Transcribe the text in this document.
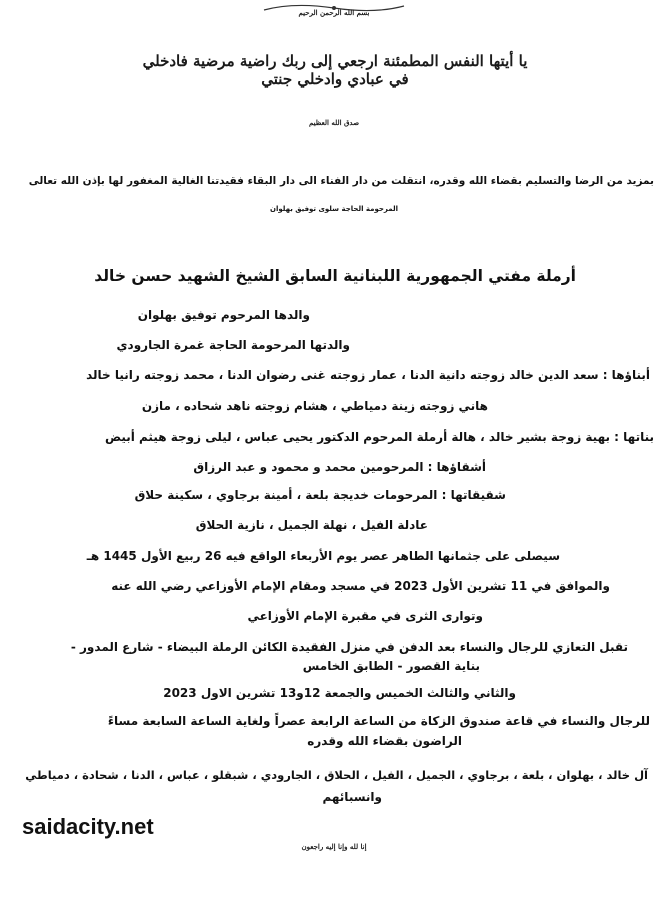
بسم الله الرحمن الرحيم
يا أيتها النفس المطمئنة ارجعي إلى ربك راضية مرضية فادخلي في عبادي وادخلي جنتي
صدق الله العظيم
بمزيد من الرضا والتسليم بقضاء الله وقدره، انتقلت من دار الفناء الى دار البقاء فقيدتنا الغالية المغفور لها بإذن الله تعالى
المرحومة الحاجة سلوى توفيق بهلوان
أرملة مفتي الجمهورية اللبنانية السابق الشيخ الشهيد حسن خالد
والدها المرحوم توفيق بهلوان
والدتها المرحومة الحاجة غمرة الجارودي
أبناؤها : سعد الدين خالد زوجته دانية الدنا ، عمار زوجته غنى رضوان الدنا ، محمد زوجته رانيا خالد
هاني زوجته زينة دمياطي ، هشام زوجته ناهد شحاده ، مازن
بناتها : بهية زوجة بشير خالد ، هالة أرملة المرحوم الدكتور يحيى عباس ، ليلى زوجة هيثم أبيض
أشقاؤها : المرحومين محمد و محمود و عبد الرزاق
شقيقاتها : المرحومات خديجة بلعة ، أمينة برجاوي ، سكينة حلاق
عادلة الفيل ، نهلة الجميل ، نازية الحلاق
سيصلى على جثمانها الطاهر عصر يوم الأربعاء الواقع فيه 26 ربيع الأول 1445 هـ
والموافق في 11 تشرين الأول 2023 في مسجد ومقام الإمام الأوزاعي رضي الله عنه
وتوارى الثرى في مقبرة الإمام الأوزاعي
تقبل التعازي للرجال والنساء بعد الدفن في منزل الفقيدة الكائن الرملة البيضاء - شارع المدور -
بناية القصور - الطابق الخامس
والثاني والثالث الخميس والجمعة 12و13 تشرين الاول 2023
للرجال والنساء في قاعة صندوق الزكاة من الساعة الرابعة عصراً ولغاية الساعة السابعة مساءً
الراضون بقضاء الله وقدره
آل خالد ، بهلوان ، بلعة ، برجاوي ، الجميل ، الفيل ، الحلاق ، الجارودي ، شبقلو ، عباس ، الدنا ، شحادة ، دمياطي
وانسبائهم
saidacity.net
إنا لله وإنا إليه راجعون
